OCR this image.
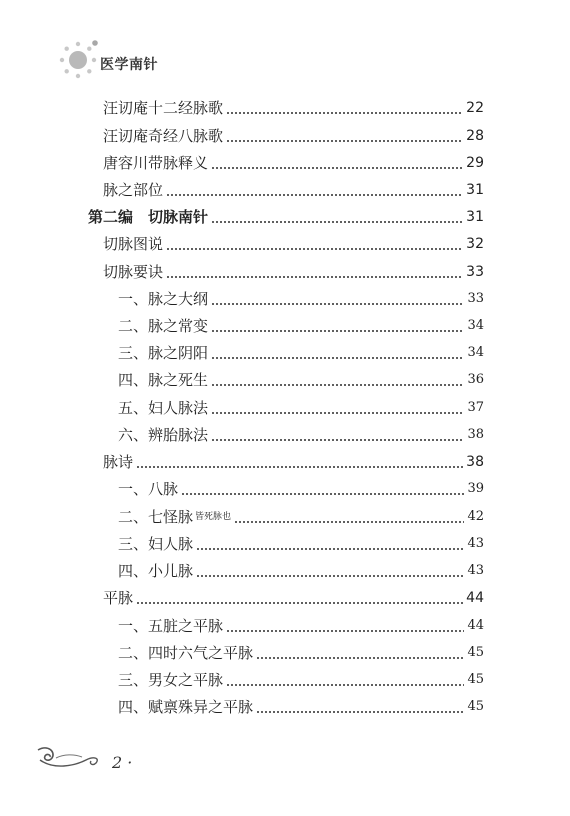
医学南针
汪讱庵十二经脉歌	22
汪讱庵奇经八脉歌	28
唐容川带脉释义	29
脉之部位	31
第二编　切脉南针	31
切脉图说	32
切脉要诀	33
一、脉之大纲	33
二、脉之常变	34
三、脉之阴阳	34
四、脉之死生	36
五、妇人脉法	37
六、辨胎脉法	38
脉诗	38
一、八脉	39
二、七怪脉 皆死脉也	42
三、妇人脉	43
四、小儿脉	43
平脉	44
一、五脏之平脉	44
二、四时六气之平脉	45
三、男女之平脉	45
四、赋禀殊异之平脉	45
2 ·
